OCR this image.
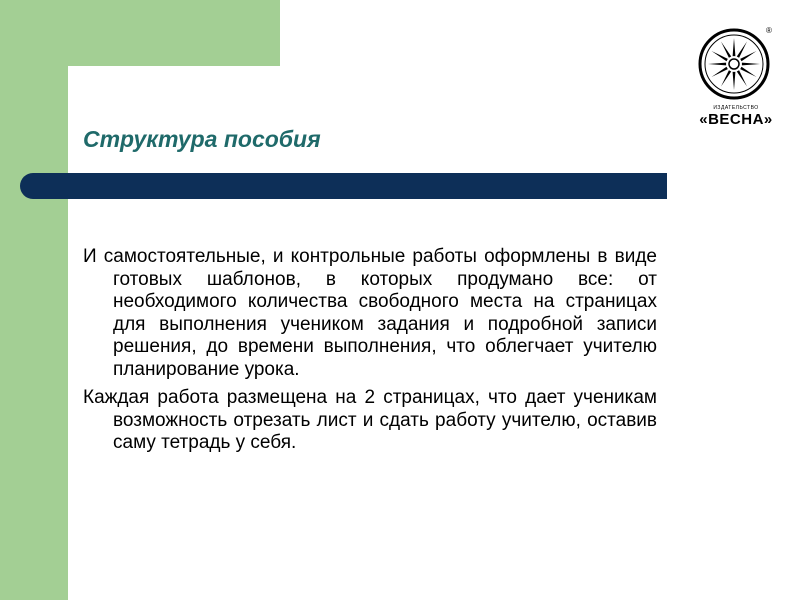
ИЗДАТЕЛЬСТВО
«ВЕСНА»
®
Структура пособия

И самостоятельные, и контрольные работы оформлены в виде готовых шаблонов, в которых продумано все: от необходимого количества свободного места на страницах для выполнения учеником задания и подробной записи решения, до времени выполнения, что облегчает учителю планирование урока.

Каждая работа размещена на 2 страницах, что дает ученикам возможность отрезать лист и сдать работу учителю, оставив саму тетрадь у себя.
